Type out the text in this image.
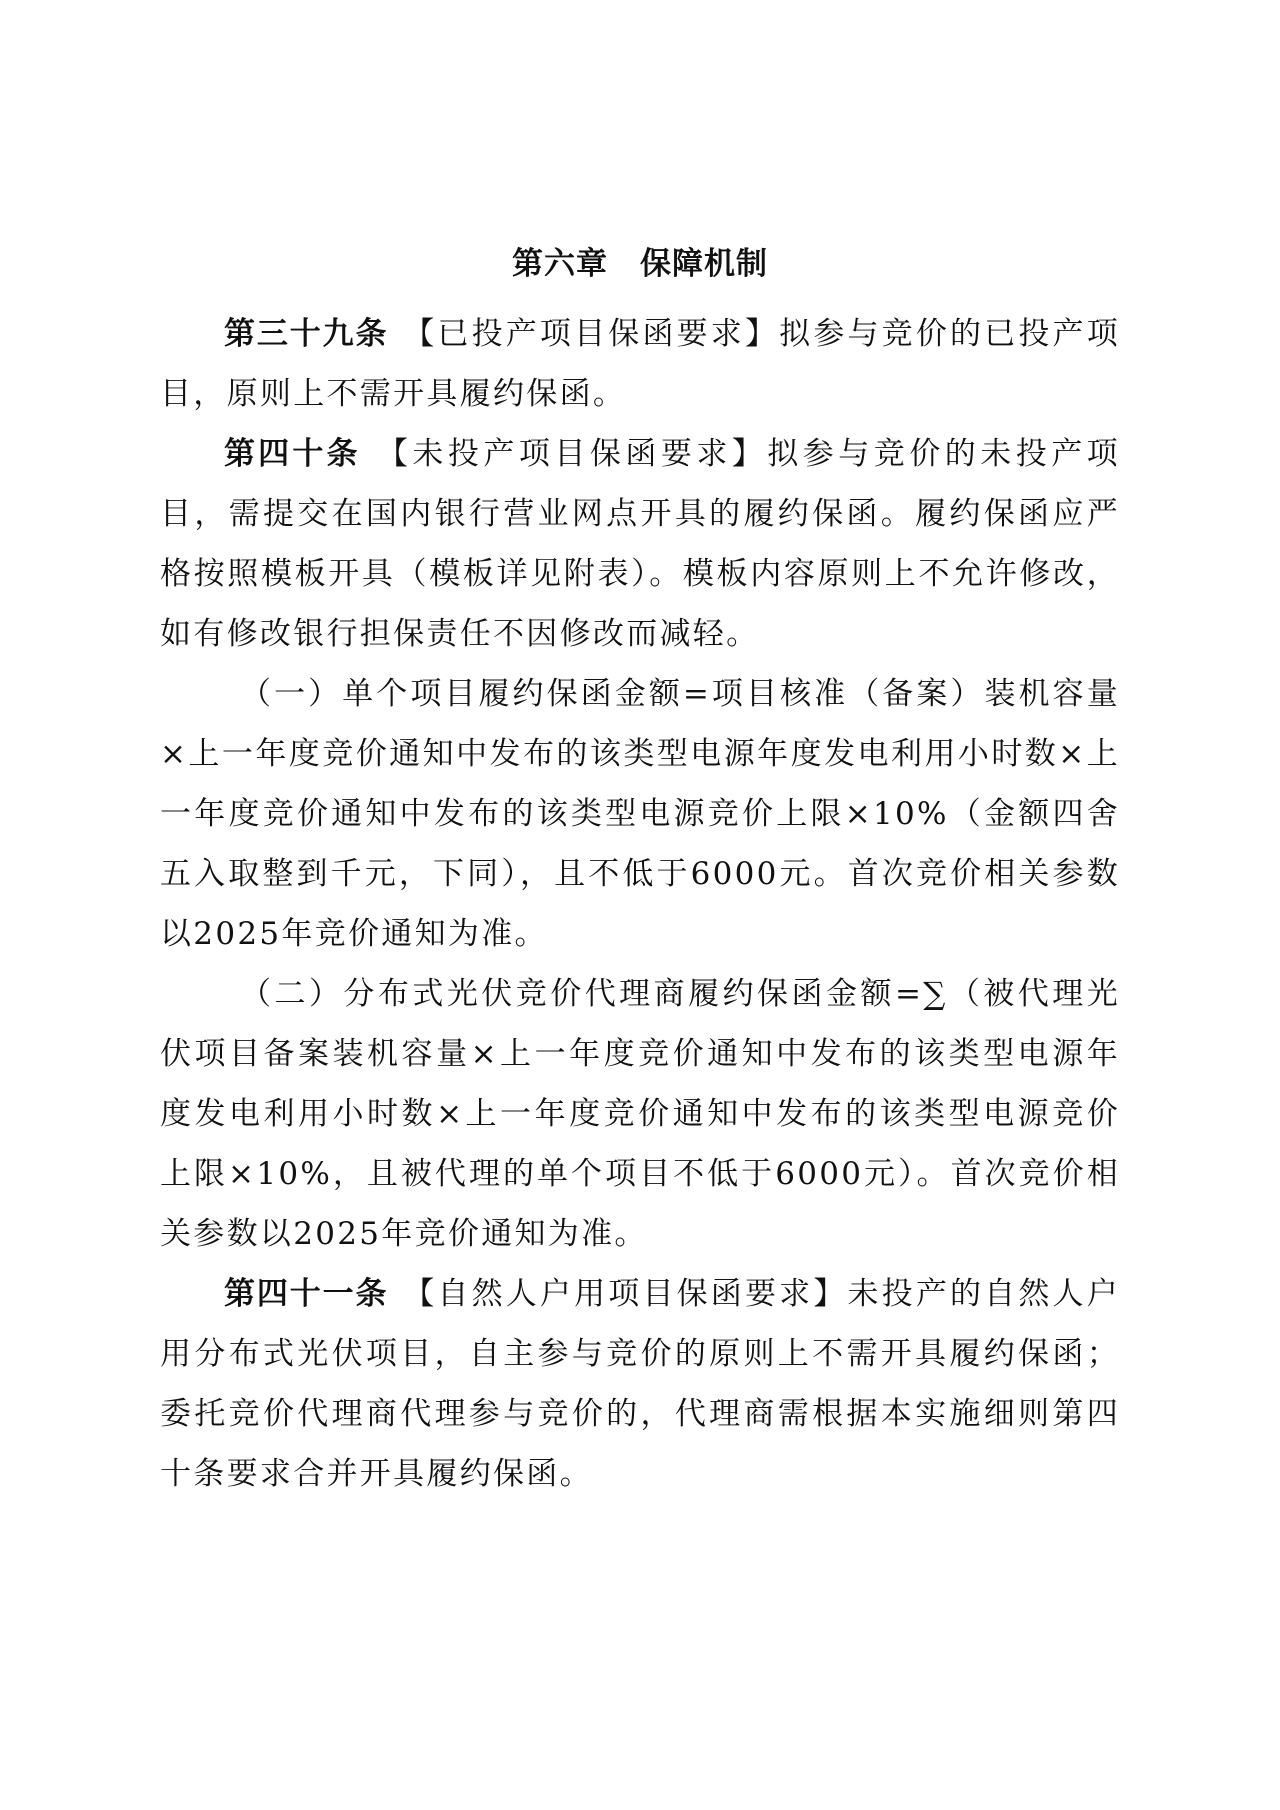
第六章 保障机制

第三十九条 【已投产项目保函要求】拟参与竞价的已投产项目，原则上不需开具履约保函。

第四十条 【未投产项目保函要求】拟参与竞价的未投产项目，需提交在国内银行营业网点开具的履约保函。履约保函应严格按照模板开具（模板详见附表）。模板内容原则上不允许修改，如有修改银行担保责任不因修改而减轻。

（一）单个项目履约保函金额=项目核准（备案）装机容量×上一年度竞价通知中发布的该类型电源年度发电利用小时数×上一年度竞价通知中发布的该类型电源竞价上限×10%（金额四舍五入取整到千元，下同），且不低于6000元。首次竞价相关参数以2025年竞价通知为准。

（二）分布式光伏竞价代理商履约保函金额=∑（被代理光伏项目备案装机容量×上一年度竞价通知中发布的该类型电源年度发电利用小时数×上一年度竞价通知中发布的该类型电源竞价上限×10%，且被代理的单个项目不低于6000元）。首次竞价相关参数以2025年竞价通知为准。

第四十一条 【自然人户用项目保函要求】未投产的自然人户用分布式光伏项目，自主参与竞价的原则上不需开具履约保函；委托竞价代理商代理参与竞价的，代理商需根据本实施细则第四十条要求合并开具履约保函。
